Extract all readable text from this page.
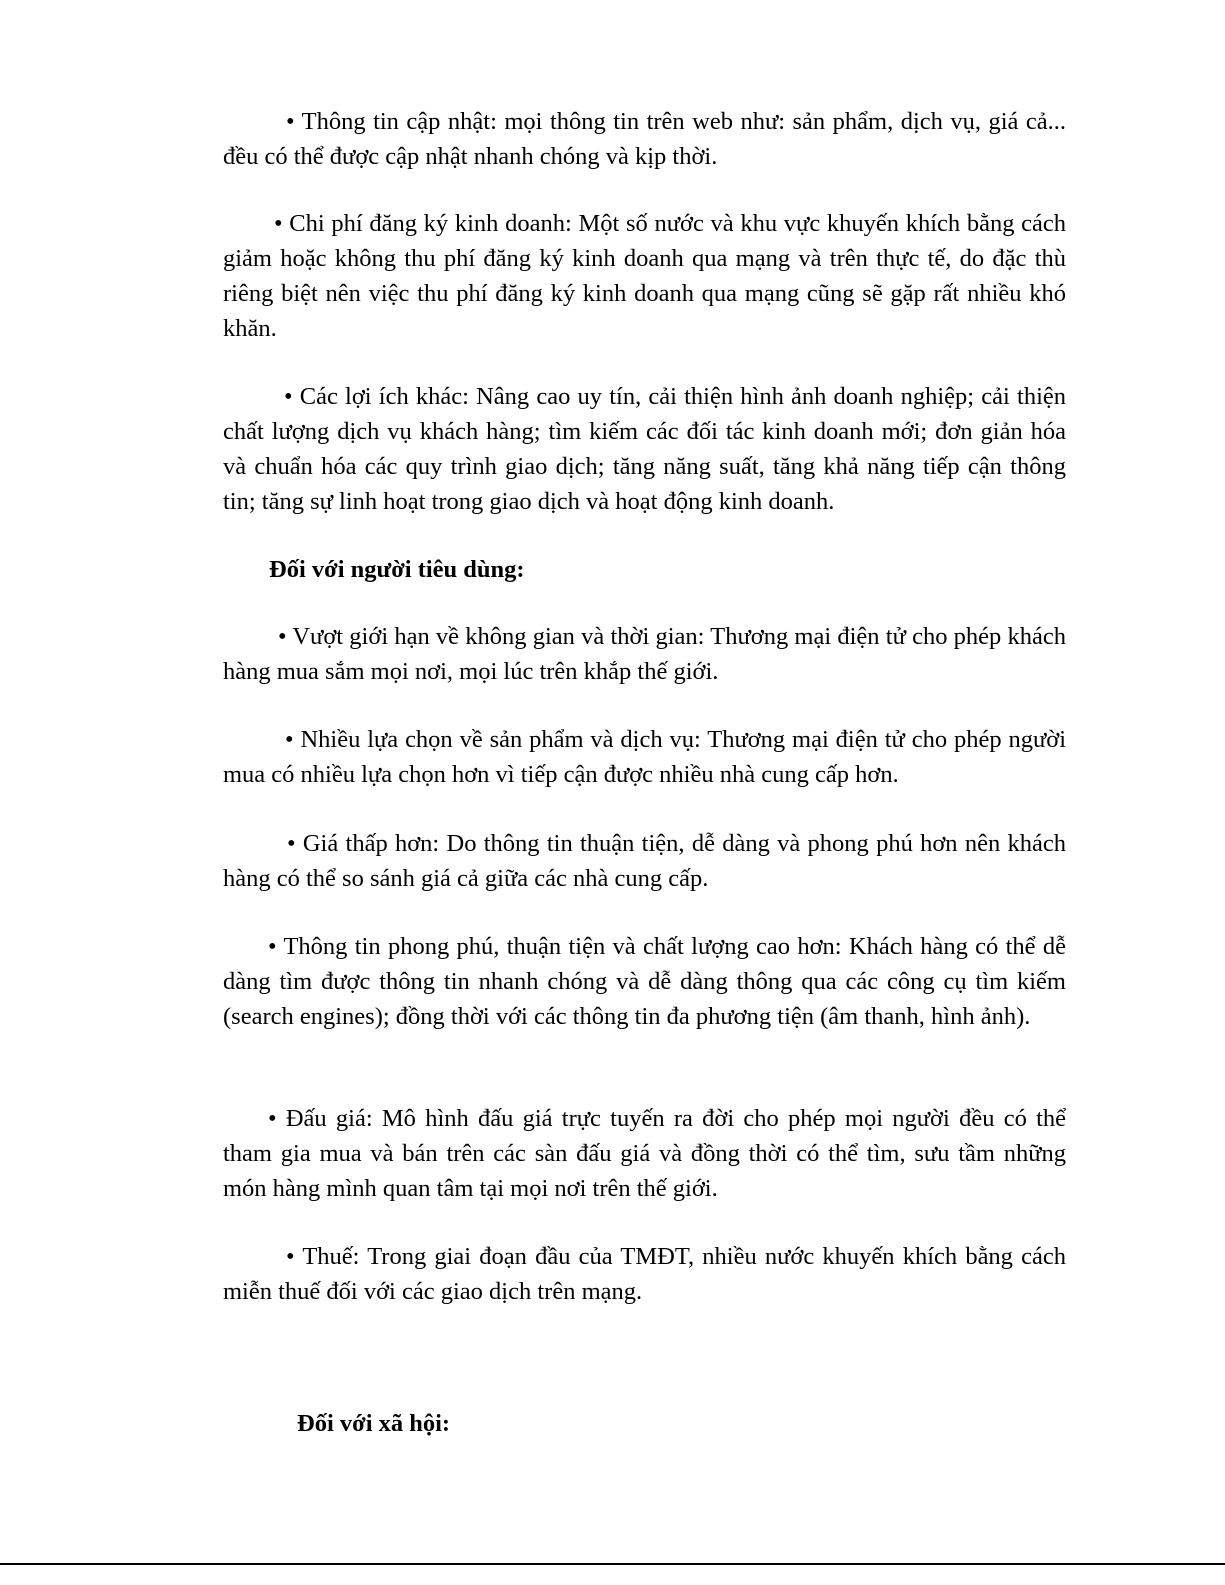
• Thông tin cập nhật: mọi thông tin trên web như: sản phẩm, dịch vụ, giá cả... đều có thể được cập nhật nhanh chóng và kịp thời.

• Chi phí đăng ký kinh doanh: Một số nước và khu vực khuyến khích bằng cách giảm hoặc không thu phí đăng ký kinh doanh qua mạng và trên thực tế, do đặc thù riêng biệt nên việc thu phí đăng ký kinh doanh qua mạng cũng sẽ gặp rất nhiều khó khăn.

• Các lợi ích khác: Nâng cao uy tín, cải thiện hình ảnh doanh nghiệp; cải thiện chất lượng dịch vụ khách hàng; tìm kiếm các đối tác kinh doanh mới; đơn giản hóa và chuẩn hóa các quy trình giao dịch; tăng năng suất, tăng khả năng tiếp cận thông tin; tăng sự linh hoạt trong giao dịch và hoạt động kinh doanh.

Đối với người tiêu dùng:

• Vượt giới hạn về không gian và thời gian: Thương mại điện tử cho phép khách hàng mua sắm mọi nơi, mọi lúc trên khắp thế giới.

• Nhiều lựa chọn về sản phẩm và dịch vụ: Thương mại điện tử cho phép người mua có nhiều lựa chọn hơn vì tiếp cận được nhiều nhà cung cấp hơn.

• Giá thấp hơn: Do thông tin thuận tiện, dễ dàng và phong phú hơn nên khách hàng có thể so sánh giá cả giữa các nhà cung cấp.

• Thông tin phong phú, thuận tiện và chất lượng cao hơn: Khách hàng có thể dễ dàng tìm được thông tin nhanh chóng và dễ dàng thông qua các công cụ tìm kiếm (search engines); đồng thời với các thông tin đa phương tiện (âm thanh, hình ảnh).

• Đấu giá: Mô hình đấu giá trực tuyến ra đời cho phép mọi người đều có thể tham gia mua và bán trên các sàn đấu giá và đồng thời có thể tìm, sưu tầm những món hàng mình quan tâm tại mọi nơi trên thế giới.

• Thuế: Trong giai đoạn đầu của TMĐT, nhiều nước khuyến khích bằng cách miễn thuế đối với các giao dịch trên mạng.

Đối với xã hội:
